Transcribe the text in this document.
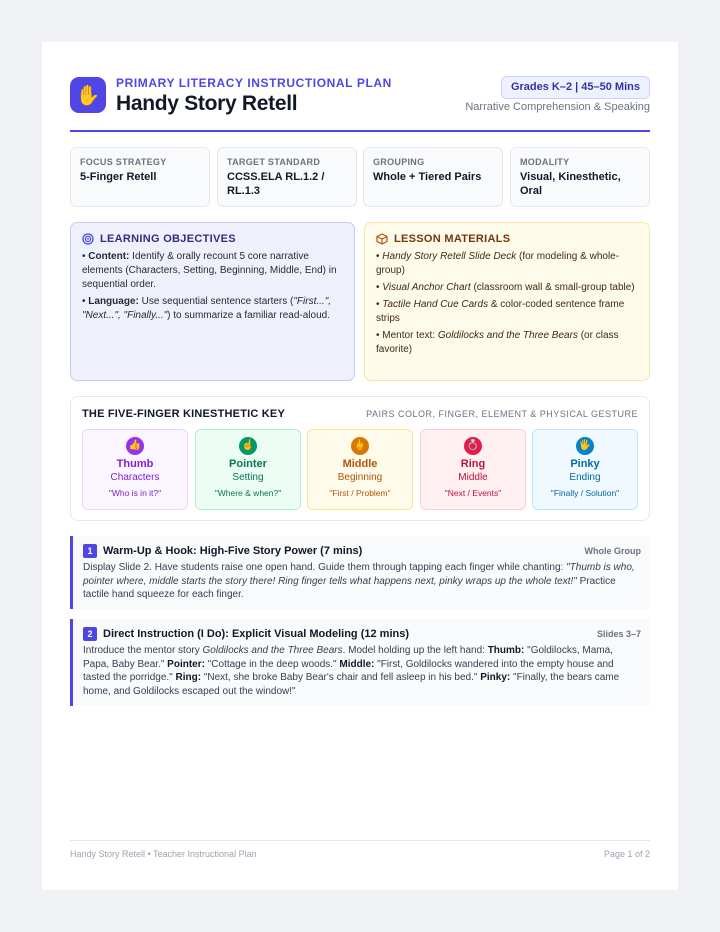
✋
PRIMARY LITERACY INSTRUCTIONAL PLAN
Handy Story Retell
Grades K–2 | 45–50 Mins
Narrative Comprehension & Speaking
FOCUS STRATEGY
5-Finger Retell
TARGET STANDARD
CCSS.ELA RL.1.2 / RL.1.3
GROUPING
Whole + Tiered Pairs
MODALITY
Visual, Kinesthetic, Oral
LEARNING OBJECTIVES
• Content: Identify & orally recount 5 core narrative elements (Characters, Setting, Beginning, Middle, End) in sequential order.
• Language: Use sequential sentence starters ("First...", "Next...", "Finally...") to summarize a familiar read-aloud.
LESSON MATERIALS
• Handy Story Retell Slide Deck (for modeling & whole-group)
• Visual Anchor Chart (classroom wall & small-group table)
• Tactile Hand Cue Cards & color-coded sentence frame strips
• Mentor text: Goldilocks and the Three Bears (or class favorite)
THE FIVE-FINGER KINESTHETIC KEY	PAIRS COLOR, FINGER, ELEMENT & PHYSICAL GESTURE
👍
Thumb
Characters
"Who is in it?"
☝
Pointer
Setting
"Where & when?"
🖕
Middle
Beginning
"First / Problem"
💍
Ring
Middle
"Next / Events"
🖐
Pinky
Ending
"Finally / Solution"
1 Warm-Up & Hook: High-Five Story Power (7 mins)	Whole Group
Display Slide 2. Have students raise one open hand. Guide them through tapping each finger while chanting: "Thumb is who, pointer where, middle starts the story there! Ring finger tells what happens next, pinky wraps up the whole text!" Practice tactile hand squeeze for each finger.
2 Direct Instruction (I Do): Explicit Visual Modeling (12 mins)	Slides 3–7
Introduce the mentor story Goldilocks and the Three Bears. Model holding up the left hand: Thumb: "Goldilocks, Mama, Papa, Baby Bear." Pointer: "Cottage in the deep woods." Middle: "First, Goldilocks wandered into the empty house and tasted the porridge." Ring: "Next, she broke Baby Bear's chair and fell asleep in his bed." Pinky: "Finally, the bears came home, and Goldilocks escaped out the window!"
Handy Story Retell • Teacher Instructional Plan	Page 1 of 2
